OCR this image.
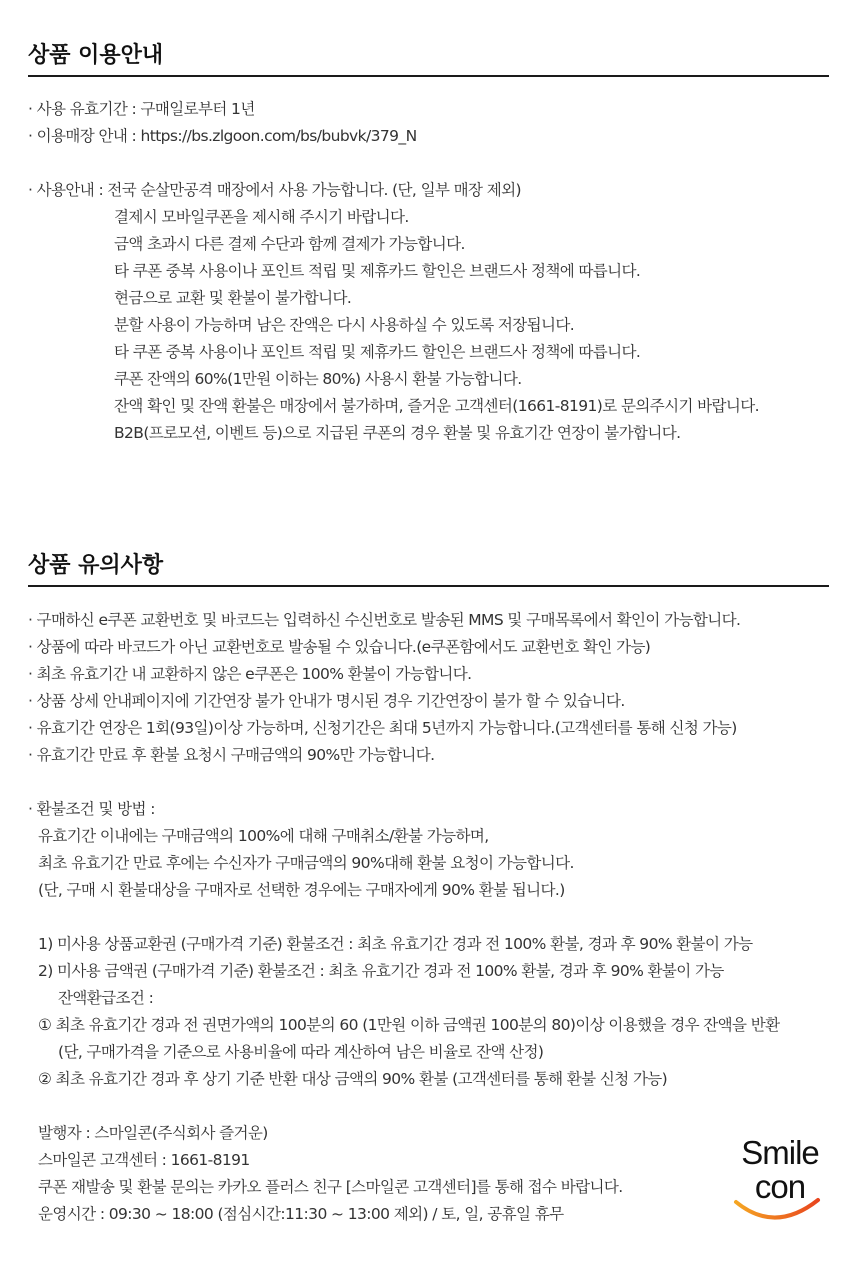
상품 이용안내
· 사용 유효기간 : 구매일로부터 1년
· 이용매장 안내 : https://bs.zlgoon.com/bs/bubvk/379_N
· 사용안내 : 전국 순살만공격 매장에서 사용 가능합니다. (단, 일부 매장 제외)
결제시 모바일쿠폰을 제시해 주시기 바랍니다.
금액 초과시 다른 결제 수단과 함께 결제가 가능합니다.
타 쿠폰 중복 사용이나 포인트 적립 및 제휴카드 할인은 브랜드사 정책에 따릅니다.
현금으로 교환 및 환불이 불가합니다.
분할 사용이 가능하며 남은 잔액은 다시 사용하실 수 있도록 저장됩니다.
타 쿠폰 중복 사용이나 포인트 적립 및 제휴카드 할인은 브랜드사 정책에 따릅니다.
쿠폰 잔액의 60%(1만원 이하는 80%) 사용시 환불 가능합니다.
잔액 확인 및 잔액 환불은 매장에서 불가하며, 즐거운 고객센터(1661-8191)로 문의주시기 바랍니다.
B2B(프로모션, 이벤트 등)으로 지급된 쿠폰의 경우 환불 및 유효기간 연장이 불가합니다.
상품 유의사항
· 구매하신 e쿠폰 교환번호 및 바코드는 입력하신 수신번호로 발송된 MMS 및 구매목록에서 확인이 가능합니다.
· 상품에 따라 바코드가 아닌 교환번호로 발송될 수 있습니다.(e쿠폰함에서도 교환번호 확인 가능)
· 최초 유효기간 내 교환하지 않은 e쿠폰은 100% 환불이 가능합니다.
· 상품 상세 안내페이지에 기간연장 불가 안내가 명시된 경우 기간연장이 불가 할 수 있습니다.
· 유효기간 연장은 1회(93일)이상 가능하며, 신청기간은 최대 5년까지 가능합니다.(고객센터를 통해 신청 가능)
· 유효기간 만료 후 환불 요청시 구매금액의 90%만 가능합니다.
· 환불조건 및 방법 :
유효기간 이내에는 구매금액의 100%에 대해 구매취소/환불 가능하며,
최초 유효기간 만료 후에는 수신자가 구매금액의 90%대해 환불 요청이 가능합니다.
(단, 구매 시 환불대상을 구매자로 선택한 경우에는 구매자에게 90% 환불 됩니다.)
1) 미사용 상품교환권 (구매가격 기준) 환불조건 : 최초 유효기간 경과 전 100% 환불, 경과 후 90% 환불이 가능
2) 미사용 금액권 (구매가격 기준) 환불조건 : 최초 유효기간 경과 전 100% 환불, 경과 후 90% 환불이 가능
잔액환급조건 :
① 최초 유효기간 경과 전 권면가액의 100분의 60 (1만원 이하 금액권 100분의 80)이상 이용했을 경우 잔액을 반환
(단, 구매가격을 기준으로 사용비율에 따라 계산하여 남은 비율로 잔액 산정)
② 최초 유효기간 경과 후 상기 기준 반환 대상 금액의 90% 환불 (고객센터를 통해 환불 신청 가능)
발행자 : 스마일콘(주식회사 즐거운)
스마일콘 고객센터 : 1661-8191
쿠폰 재발송 및 환불 문의는 카카오 플러스 친구 [스마일콘 고객센터]를 통해 접수 바랍니다.
운영시간 : 09:30 ~ 18:00 (점심시간:11:30 ~ 13:00 제외) / 토, 일, 공휴일 휴무
Smile
con
